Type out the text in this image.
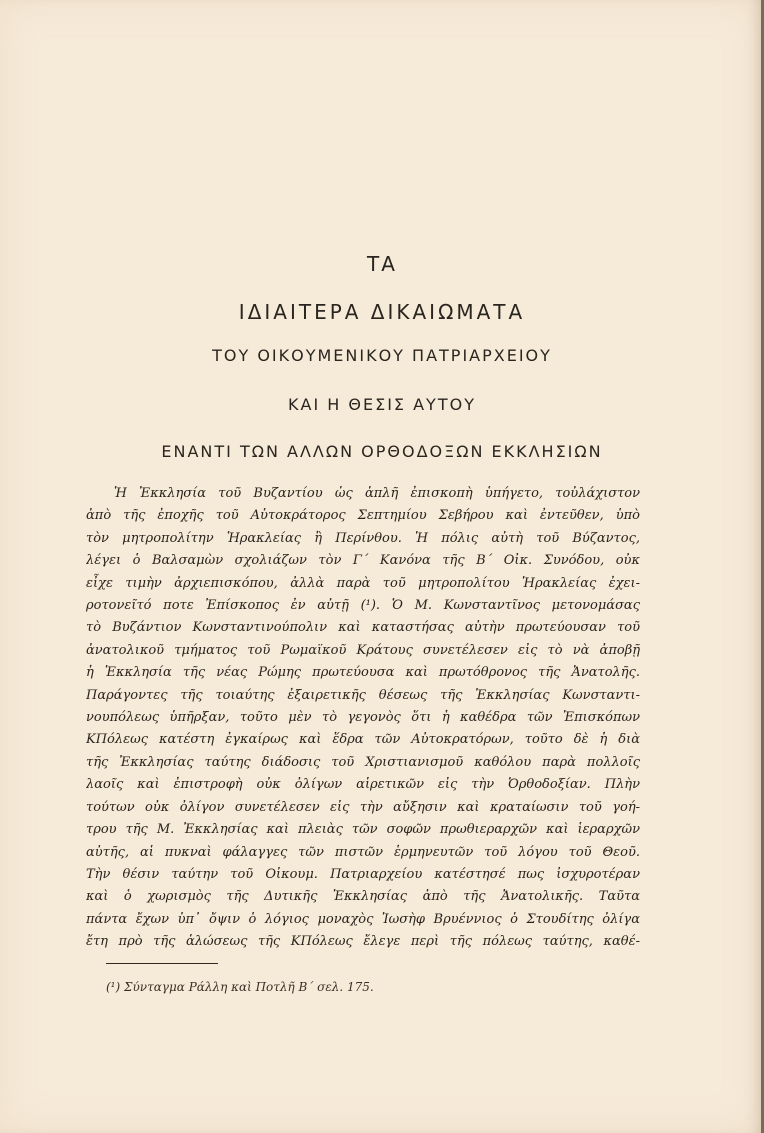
ΤΑ
ΙΔΙΑΙΤΕΡΑ ΔΙΚΑΙΩΜΑΤΑ
ΤΟΥ ΟΙΚΟΥΜΕΝΙΚΟΥ ΠΑΤΡΙΑΡΧΕΙΟΥ
ΚΑΙ Η ΘΕΣΙΣ ΑΥΤΟΥ
ΕΝΑΝΤΙ ΤΩΝ ΑΛΛΩΝ ΟΡΘΟΔΟΞΩΝ ΕΚΚΛΗΣΙΩΝ
Ἡ Ἐκκλησία τοῦ Βυζαντίου ὡς ἁπλῆ ἐπισκοπὴ ὑπήγετο, τοὐλάχιστον
ἀπὸ τῆς ἐποχῆς τοῦ Αὐτοκράτορος Σεπτημίου Σεβήρου καὶ ἐντεῦθεν, ὑπὸ
τὸν μητροπολίτην Ἡρακλείας ἢ Περίνθου. Ἡ πόλις αὐτὴ τοῦ Βύζαντος,
λέγει ὁ Βαλσαμὼν σχολιάζων τὸν Γ´ Κανόνα τῆς Β´ Οἰκ. Συνόδου, οὐκ
εἶχε τιμὴν ἀρχιεπισκόπου, ἀλλὰ παρὰ τοῦ μητροπολίτου Ἡρακλείας ἐχει-
ροτονεῖτό ποτε Ἐπίσκοπος ἐν αὐτῇ (¹). Ὁ Μ. Κωνσταντῖνος μετονομάσας
τὸ Βυζάντιον Κωνσταντινούπολιν καὶ καταστήσας αὐτὴν πρωτεύουσαν τοῦ
ἀνατολικοῦ τμήματος τοῦ Ρωμαϊκοῦ Κράτους συνετέλεσεν εἰς τὸ νὰ ἀποβῇ
ἡ Ἐκκλησία τῆς νέας Ρώμης πρωτεύουσα καὶ πρωτόθρονος τῆς Ἀνατολῆς.
Παράγοντες τῆς τοιαύτης ἐξαιρετικῆς θέσεως τῆς Ἐκκλησίας Κωνσταντι-
νουπόλεως ὑπῆρξαν, τοῦτο μὲν τὸ γεγονὸς ὅτι ἡ καθέδρα τῶν Ἐπισκόπων
ΚΠόλεως κατέστη ἐγκαίρως καὶ ἕδρα τῶν Αὐτοκρατόρων, τοῦτο δὲ ἡ διὰ
τῆς Ἐκκλησίας ταύτης διάδοσις τοῦ Χριστιανισμοῦ καθόλου παρὰ πολλοῖς
λαοῖς καὶ ἐπιστροφὴ οὐκ ὀλίγων αἱρετικῶν εἰς τὴν Ὀρθοδοξίαν. Πλὴν
τούτων οὐκ ὀλίγον συνετέλεσεν εἰς τὴν αὔξησιν καὶ κραταίωσιν τοῦ γοή-
τρου τῆς Μ. Ἐκκλησίας καὶ πλειὰς τῶν σοφῶν πρωθιεραρχῶν καὶ ἱεραρχῶν
αὐτῆς, αἱ πυκναὶ φάλαγγες τῶν πιστῶν ἑρμηνευτῶν τοῦ λόγου τοῦ Θεοῦ.
Τὴν θέσιν ταύτην τοῦ Οἰκουμ. Πατριαρχείου κατέστησέ πως ἰσχυροτέραν
καὶ ὁ χωρισμὸς τῆς Δυτικῆς Ἐκκλησίας ἀπὸ τῆς Ἀνατολικῆς. Ταῦτα
πάντα ἔχων ὑπ᾽ ὄψιν ὁ λόγιος μοναχὸς Ἰωσὴφ Βρυέννιος ὁ Στουδίτης ὀλίγα
ἔτη πρὸ τῆς ἁλώσεως τῆς ΚΠόλεως ἔλεγε περὶ τῆς πόλεως ταύτης, καθέ-
(¹) Σύνταγμα Ράλλη καὶ Ποτλῆ Β´ σελ. 175.
